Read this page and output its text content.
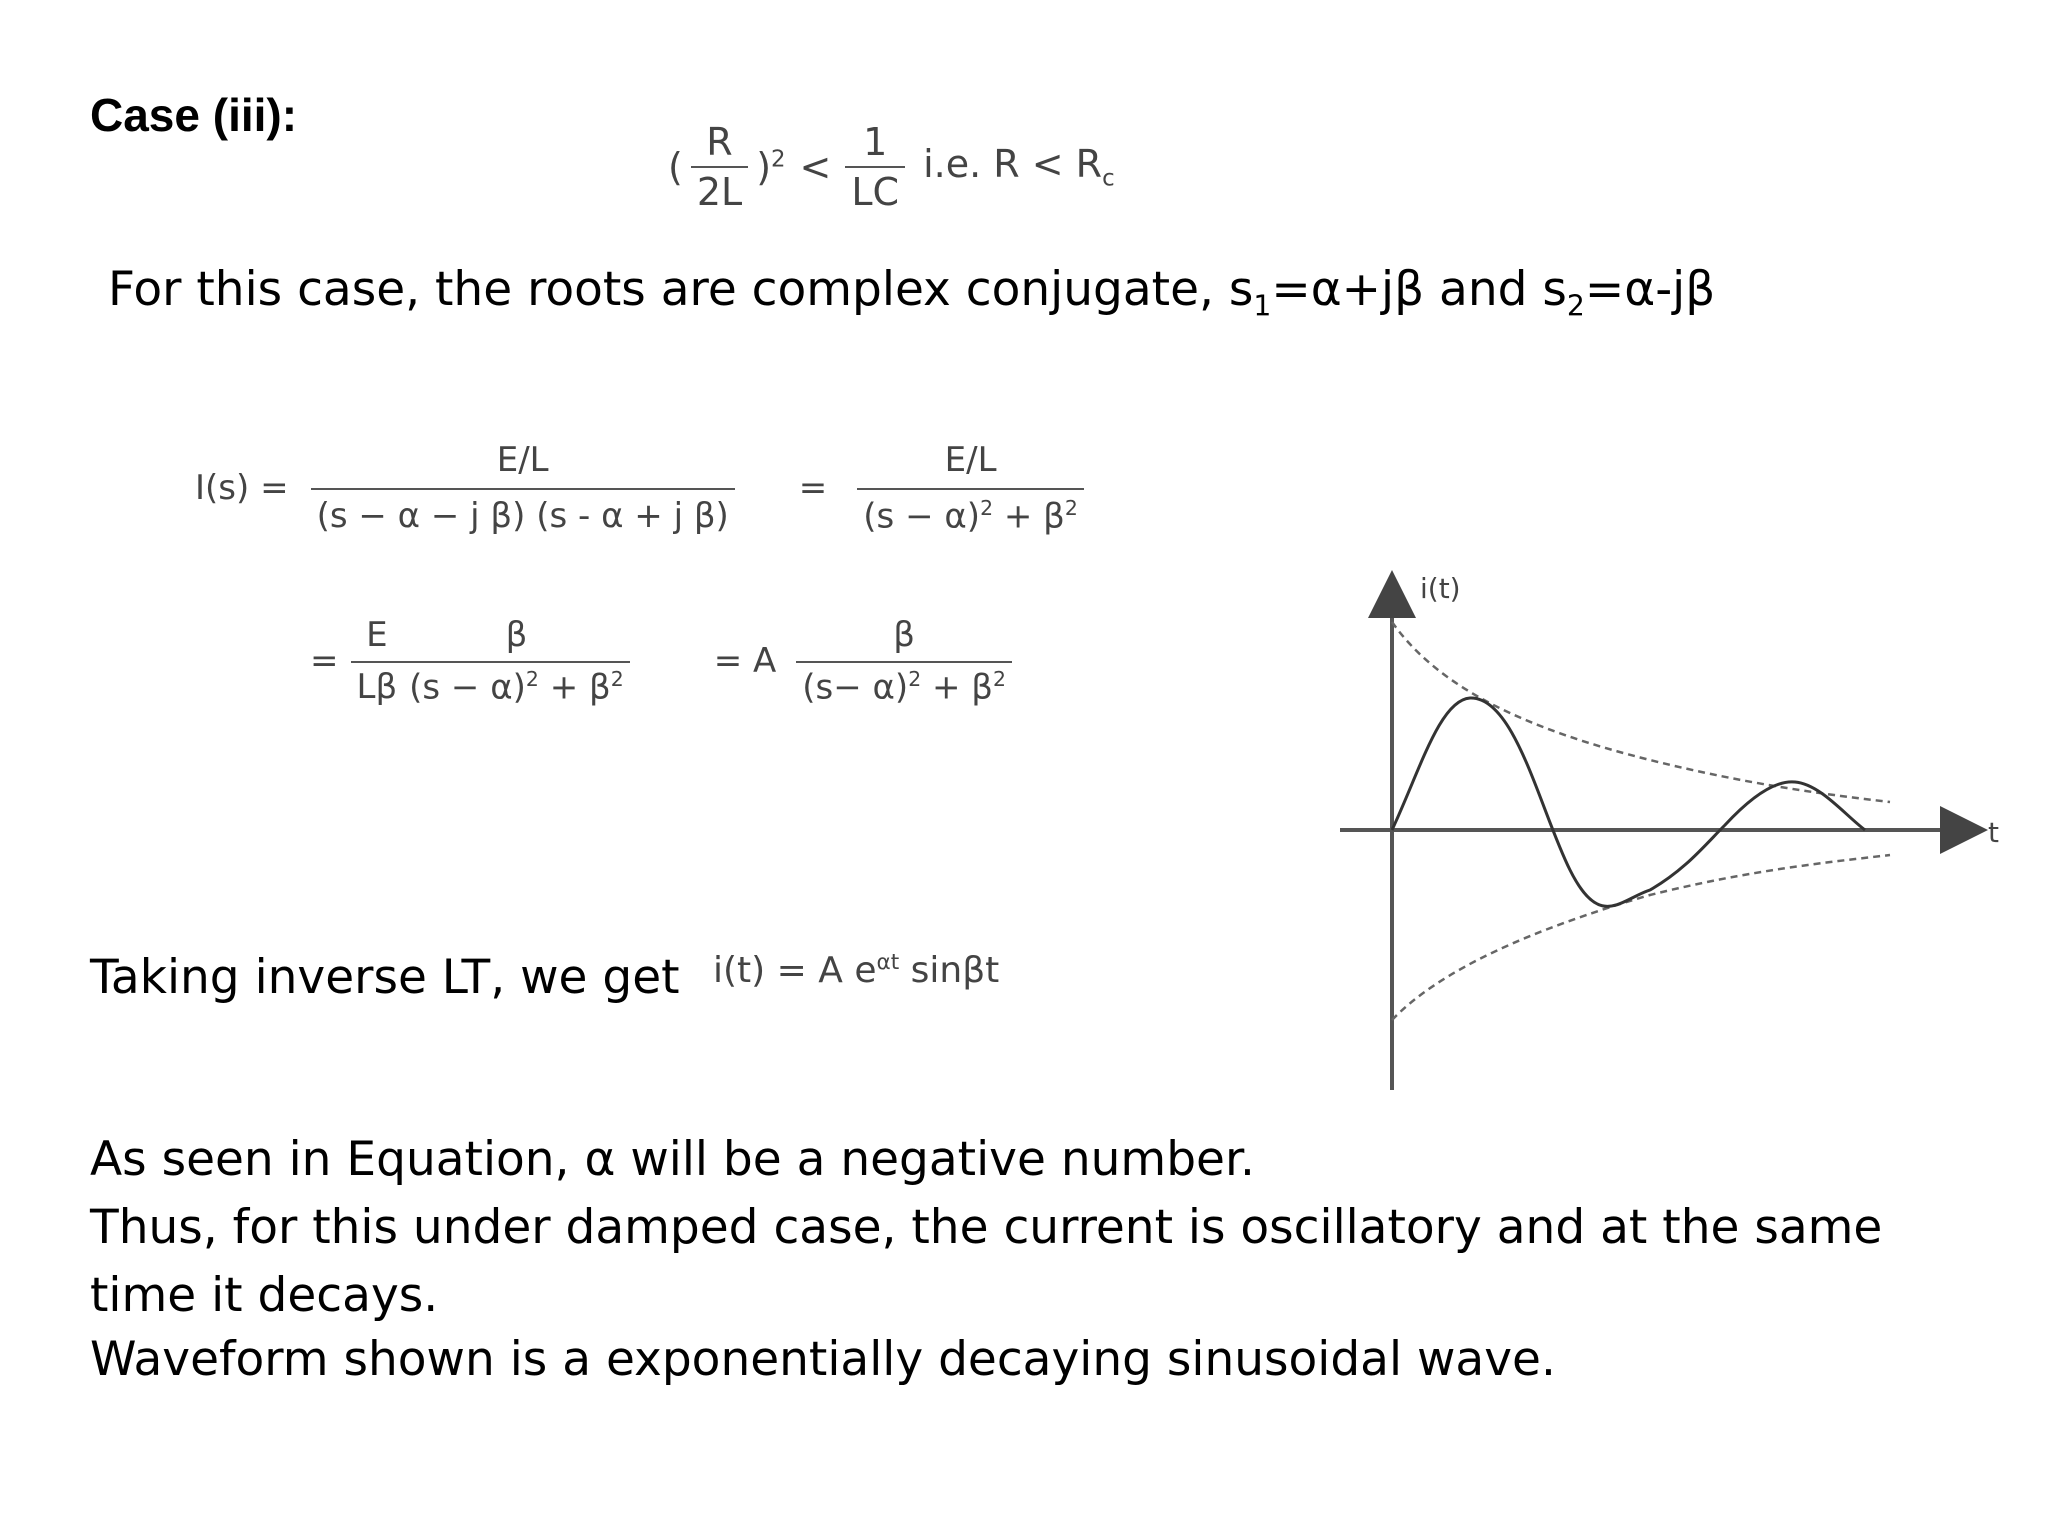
Case (iii):
( $\frac{R}{2L} )^2 < \frac{1}{LC} i.e$. $R < R_c$
For this case, the roots are complex conjugate, $s_1=\alpha+j\beta$ and $s_2=\alpha-j\beta$
$I(s) = \frac{E/L}{\text{(s − α − j β) (s - α + j β)}} = \frac{E/L}{(s - \alpha)^2 + \beta^2}$
= $\frac{E}{L\beta} \frac{\beta}{(s - \alpha)^2 + \beta^2} = A \frac{\beta}{(s- \alpha)^2 + \beta^2}$
Taking inverse LT, we get i(t) = A $e^{\alpha t}$ sinβt
i(t)
t
As seen in Equation, α will be a negative number.
Thus, for this under damped case, the current is oscillatory and at the same
time it decays.
Waveform shown is a exponentially decaying sinusoidal wave.
